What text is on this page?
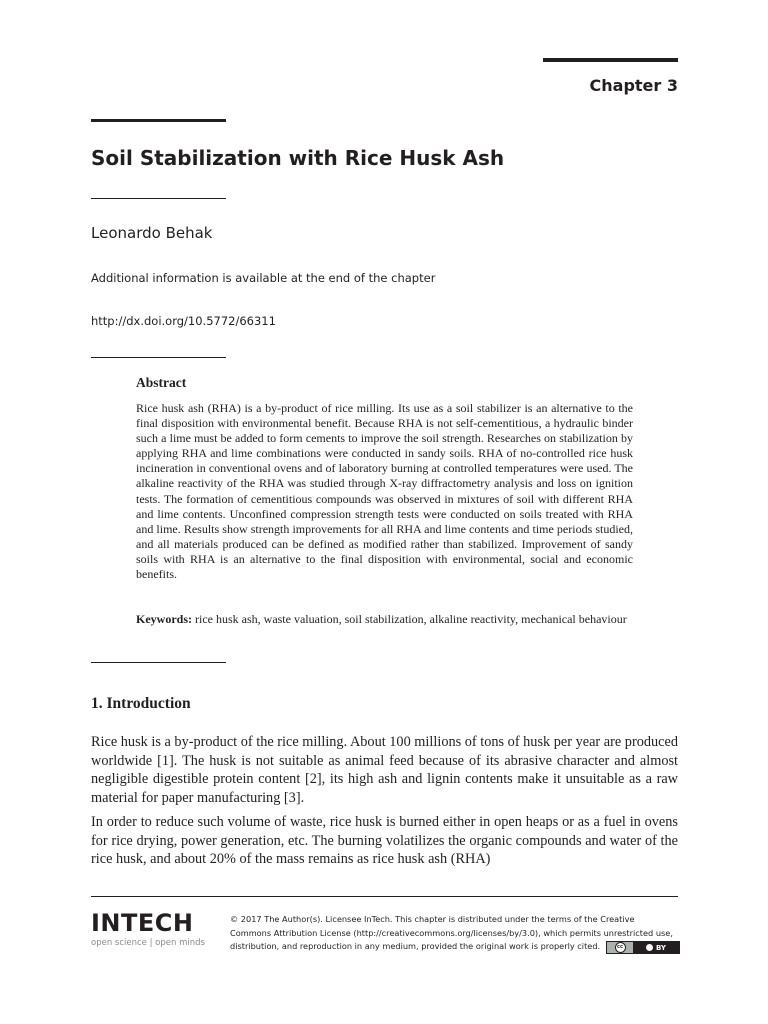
Chapter 3
Soil Stabilization with Rice Husk Ash
Leonardo Behak
Additional information is available at the end of the chapter
http://dx.doi.org/10.5772/66311
Abstract
Rice husk ash (RHA) is a by-product of rice milling. Its use as a soil stabilizer is an alternative to the final disposition with environmental benefit. Because RHA is not self-cementitious, a hydraulic binder such a lime must be added to form cements to improve the soil strength. Researches on stabilization by applying RHA and lime combinations were conducted in sandy soils. RHA of no-controlled rice husk incineration in conventional ovens and of laboratory burning at controlled temperatures were used. The alkaline reactivity of the RHA was studied through X-ray diffractometry analysis and loss on ignition tests. The formation of cementitious compounds was observed in mixtures of soil with different RHA and lime contents. Unconfined compression strength tests were conducted on soils treated with RHA and lime. Results show strength improvements for all RHA and lime contents and time periods studied, and all materials produced can be defined as modified rather than stabilized. Improvement of sandy soils with RHA is an alternative to the final disposition with environmental, social and economic benefits.
Keywords: rice husk ash, waste valuation, soil stabilization, alkaline reactivity, mechanical behaviour
1. Introduction
Rice husk is a by-product of the rice milling. About 100 millions of tons of husk per year are produced worldwide [1]. The husk is not suitable as animal feed because of its abrasive character and almost negligible digestible protein content [2], its high ash and lignin contents make it unsuitable as a raw material for paper manufacturing [3].
In order to reduce such volume of waste, rice husk is burned either in open heaps or as a fuel in ovens for rice drying, power generation, etc. The burning volatilizes the organic compounds and water of the rice husk, and about 20% of the mass remains as rice husk ash (RHA)
INTECH
open science | open minds
© 2017 The Author(s). Licensee InTech. This chapter is distributed under the terms of the Creative Commons Attribution License (http://creativecommons.org/licenses/by/3.0), which permits unrestricted use, distribution, and reproduction in any medium, provided the original work is properly cited.	cc	BY
